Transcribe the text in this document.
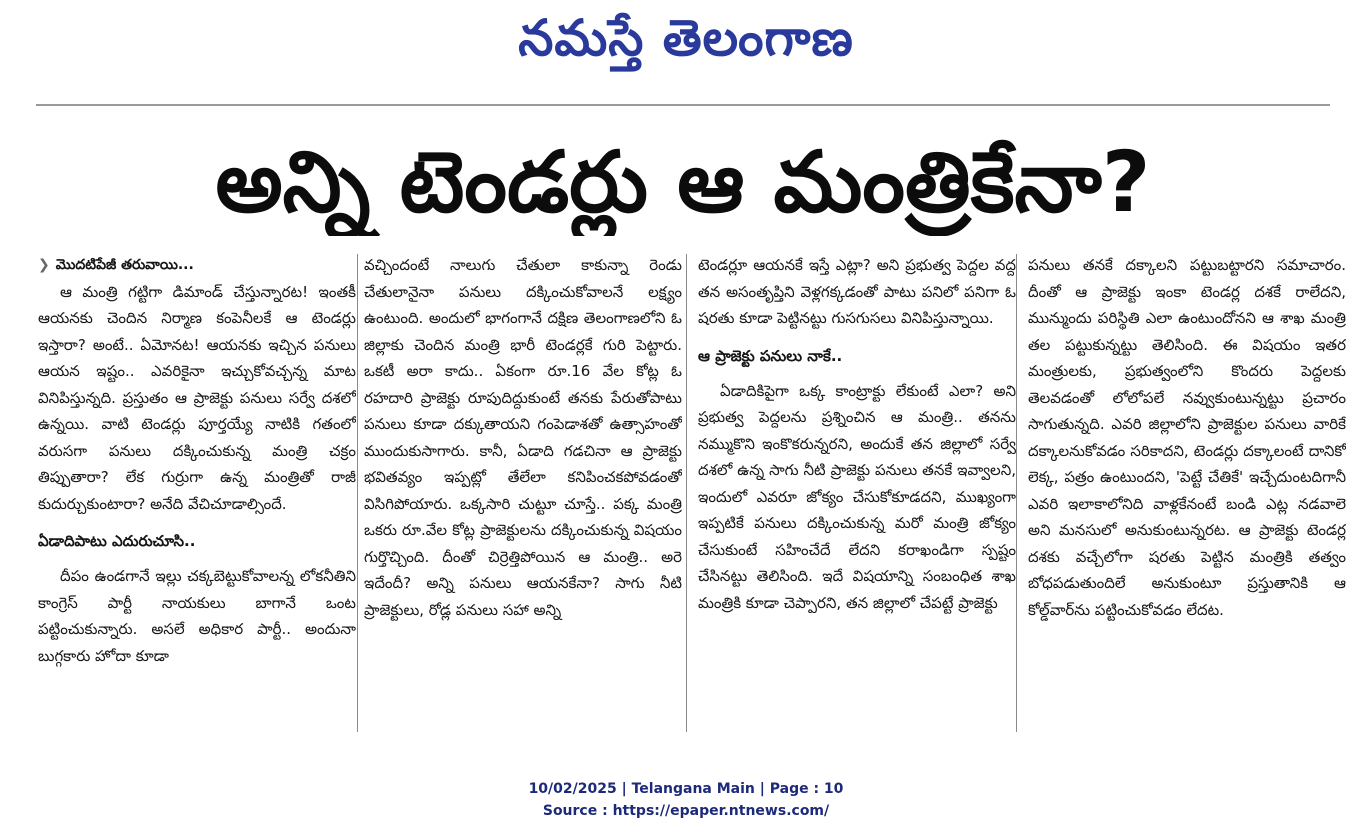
నమస్తే తెలంగాణ
అన్ని టెండర్లు ఆ మంత్రికేనా?

❯ మొదటిపేజీ తరువాయి...

ఆ మంత్రి గట్టిగా డిమాండ్ చేస్తున్నారట! ఇంతకీ ఆయనకు చెందిన నిర్మాణ కంపెనీలకే ఆ టెండర్లు ఇస్తారా? అంటే.. ఏమోనట! ఆయనకు ఇచ్చిన పనులు ఆయన ఇష్టం.. ఎవరికైనా ఇచ్చుకోవచ్చన్న మాట వినిపిస్తున్నది. ప్రస్తుతం ఆ ప్రాజెక్టు పనులు సర్వే దశలో ఉన్నయి. వాటి టెండర్లు పూర్తయ్యే నాటికి గతంలో వరుసగా పనులు దక్కించుకున్న మంత్రి చక్రం తిప్పుతారా? లేక గుర్రుగా ఉన్న మంత్రితో రాజీ కుదుర్చుకుంటారా? అనేది వేచిచూడాల్సిందే.

ఏడాదిపాటు ఎదురుచూసి..

దీపం ఉండగానే ఇల్లు చక్కబెట్టుకోవాలన్న లోకనీతిని కాంగ్రెస్ పార్టీ నాయకులు బాగానే ఒంట పట్టించుకున్నారు. అసలే అధికార పార్టీ.. అందునా బుగ్గకారు హోదా కూడా

వచ్చిందంటే నాలుగు చేతులా కాకున్నా రెండు చేతులానైనా పనులు దక్కించుకోవాలనే లక్ష్యం ఉంటుంది. అందులో భాగంగానే దక్షిణ తెలంగాణలోని ఓ జిల్లాకు చెందిన మంత్రి భారీ టెండర్లకే గురి పెట్టారు. ఒకటీ అరా కాదు.. ఏకంగా రూ.16 వేల కోట్ల ఓ రహదారి ప్రాజెక్టు రూపుదిద్దుకుంటే తనకు పేరుతోపాటు పనులు కూడా దక్కుతాయని గంపెడాశతో ఉత్సాహంతో ముందుకుసాగారు. కానీ, ఏడాది గడచినా ఆ ప్రాజెక్టు భవితవ్యం ఇప్పట్లో తేలేలా కనిపించకపోవడంతో విసిగిపోయారు. ఒక్కసారి చుట్టూ చూస్తే.. పక్క మంత్రి ఒకరు రూ.వేల కోట్ల ప్రాజెక్టులను దక్కించుకున్న విషయం గుర్తొచ్చింది. దీంతో చిర్రెత్తిపోయిన ఆ మంత్రి.. అరె ఇదేందీ? అన్ని పనులు ఆయనకేనా? సాగు నీటి ప్రాజెక్టులు, రోడ్ల పనులు సహా అన్ని

టెండర్లూ ఆయనకే ఇస్తే ఎట్లా? అని ప్రభుత్వ పెద్దల వద్ద తన అసంతృప్తిని వెళ్లగక్కడంతో పాటు పనిలో పనిగా ఓ షరతు కూడా పెట్టినట్టు గుసగుసలు వినిపిస్తున్నాయి.

ఆ ప్రాజెక్టు పనులు నాకే..

ఏడాదికిపైగా ఒక్క కాంట్రాక్టు లేకుంటే ఎలా? అని ప్రభుత్వ పెద్దలను ప్రశ్నించిన ఆ మంత్రి.. తనను నమ్ముకొని ఇంకొకరున్నరని, అందుకే తన జిల్లాలో సర్వే దశలో ఉన్న సాగు నీటి ప్రాజెక్టు పనులు తనకే ఇవ్వాలని, ఇందులో ఎవరూ జోక్యం చేసుకోకూడదని, ముఖ్యంగా ఇప్పటికే పనులు దక్కించుకున్న మరో మంత్రి జోక్యం చేసుకుంటే సహించేదే లేదని కరాఖండిగా స్పష్టం చేసినట్టు తెలిసింది. ఇదే విషయాన్ని సంబంధిత శాఖ మంత్రికి కూడా చెప్పారని, తన జిల్లాలో చేపట్టే ప్రాజెక్టు

పనులు తనకే దక్కాలని పట్టుబట్టారని సమాచారం. దీంతో ఆ ప్రాజెక్టు ఇంకా టెండర్ల దశకే రాలేదని, మున్ముందు పరిస్థితి ఎలా ఉంటుందోనని ఆ శాఖ మంత్రి తల పట్టుకున్నట్టు తెలిసింది. ఈ విషయం ఇతర మంత్రులకు, ప్రభుత్వంలోని కొందరు పెద్దలకు తెలవడంతో లోలోపలే నవ్వుకుంటున్నట్టు ప్రచారం సాగుతున్నది. ఎవరి జిల్లాలోని ప్రాజెక్టుల పనులు వారికే దక్కాలనుకోవడం సరికాదని, టెండర్లు దక్కాలంటే దానికో లెక్క, పత్రం ఉంటుందని, 'పెట్టే చేతికే' ఇచ్చేదుంటదిగానీ ఎవరి ఇలాకాలోనిది వాళ్లకేనంటే బండి ఎట్ల నడవాలె అని మనసులో అనుకుంటున్నరట. ఆ ప్రాజెక్టు టెండర్ల దశకు వచ్చేలోగా షరతు పెట్టిన మంత్రికి తత్వం బోధపడుతుందిలే అనుకుంటూ ప్రస్తుతానికి ఆ కోల్డ్‌వార్‌ను పట్టించుకోవడం లేదట.

10/02/2025 | Telangana Main | Page : 10
Source : https://epaper.ntnews.com/
